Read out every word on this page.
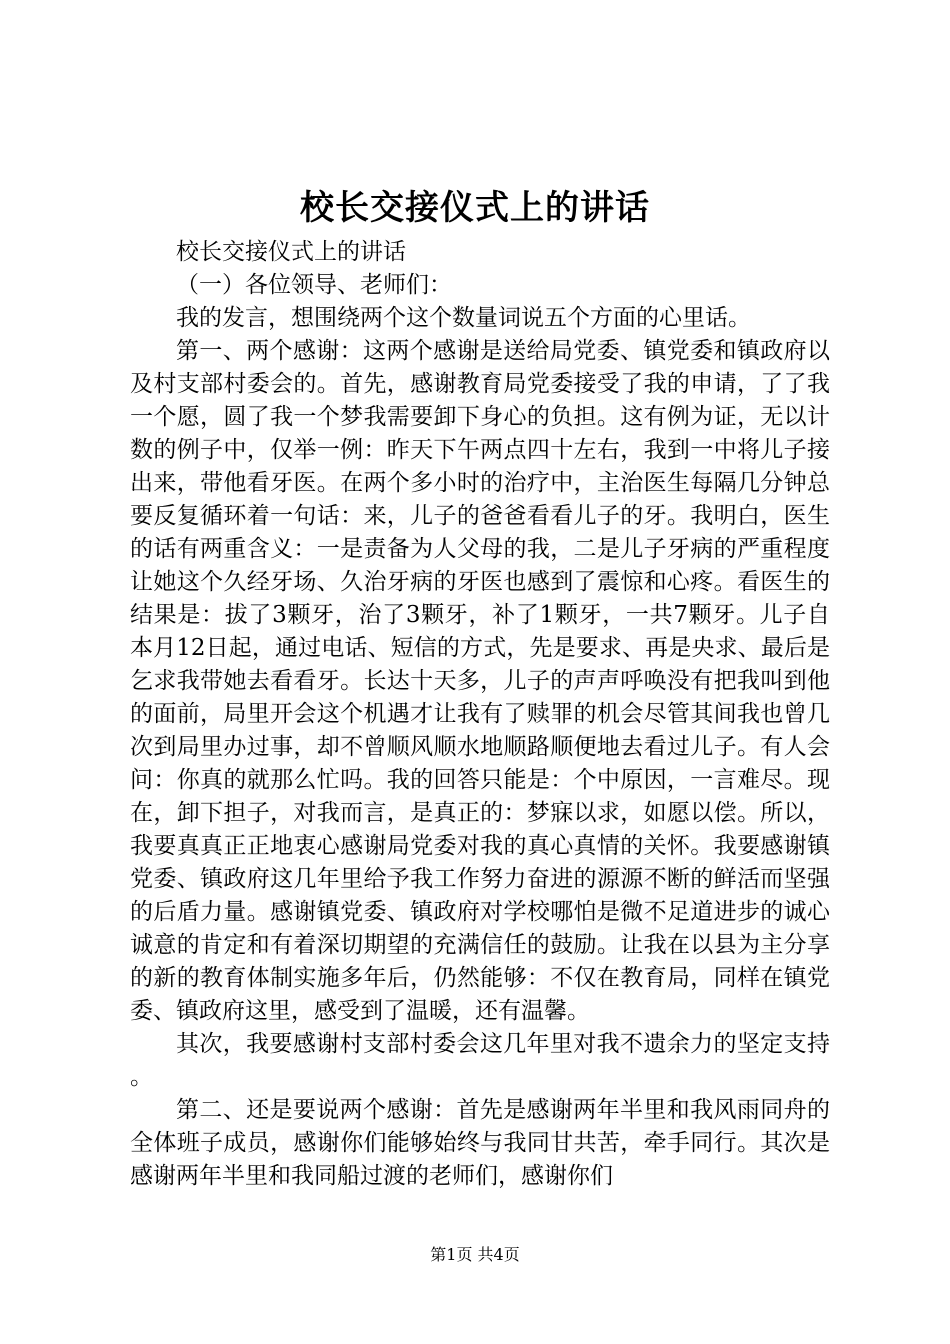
校长交接仪式上的讲话

校长交接仪式上的讲话

（一）各位领导、老师们：

我的发言，想围绕两个这个数量词说五个方面的心里话。

第一、两个感谢：这两个感谢是送给局党委、镇党委和镇政府以及村支部村委会的。首先，感谢教育局党委接受了我的申请，了了我一个愿，圆了我一个梦我需要卸下身心的负担。这有例为证，无以计数的例子中，仅举一例：昨天下午两点四十左右，我到一中将儿子接出来，带他看牙医。在两个多小时的治疗中，主治医生每隔几分钟总要反复循环着一句话：来，儿子的爸爸看看儿子的牙。我明白，医生的话有两重含义：一是责备为人父母的我，二是儿子牙病的严重程度让她这个久经牙场、久治牙病的牙医也感到了震惊和心疼。看医生的结果是：拔了3颗牙，治了3颗牙，补了1颗牙，一共7颗牙。儿子自本月12日起，通过电话、短信的方式，先是要求、再是央求、最后是乞求我带她去看看牙。长达十天多，儿子的声声呼唤没有把我叫到他的面前，局里开会这个机遇才让我有了赎罪的机会尽管其间我也曾几次到局里办过事，却不曾顺风顺水地顺路顺便地去看过儿子。有人会问：你真的就那么忙吗。我的回答只能是：个中原因，一言难尽。现在，卸下担子，对我而言，是真正的：梦寐以求，如愿以偿。所以，我要真真正正地衷心感谢局党委对我的真心真情的关怀。我要感谢镇党委、镇政府这几年里给予我工作努力奋进的源源不断的鲜活而坚强的后盾力量。感谢镇党委、镇政府对学校哪怕是微不足道进步的诚心诚意的肯定和有着深切期望的充满信任的鼓励。让我在以县为主分享的新的教育体制实施多年后，仍然能够：不仅在教育局，同样在镇党委、镇政府这里，感受到了温暖，还有温馨。

其次，我要感谢村支部村委会这几年里对我不遗余力的坚定支持。

第二、还是要说两个感谢：首先是感谢两年半里和我风雨同舟的全体班子成员，感谢你们能够始终与我同甘共苦，牵手同行。其次是感谢两年半里和我同船过渡的老师们，感谢你们

第1页 共4页
